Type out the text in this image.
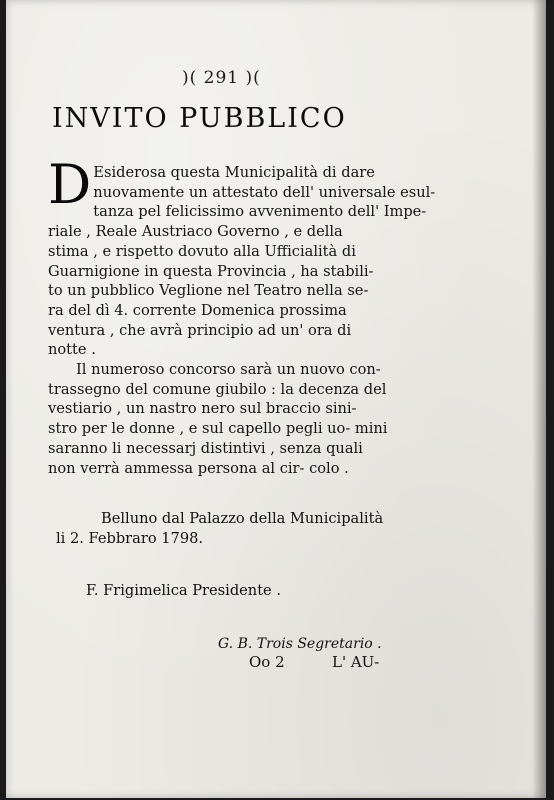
)( 291 )(
INVITO PUBBLICO

D Esiderosa questa Municipalità di dare
nuovamente un attestato dell' universale esul-
tanza pel felicissimo avvenimento dell' Impe-
riale , Reale Austriaco Governo , e della
stima , e rispetto dovuto alla Ufficialità di
Guarnigione in questa Provincia , ha stabili-
to un pubblico Veglione nel Teatro nella se-
ra del dì 4. corrente Domenica prossima
ventura , che avrà principio ad un' ora di
notte .

Il numeroso concorso sarà un nuovo con- trassegno del comune giubilo : la decenza del vestiario , un nastro nero sul braccio sini- stro per le donne , e sul capello pegli uo- mini saranno li necessarj distintivi , senza quali non verrà ammessa persona al cir- colo .

Belluno dal Palazzo della Municipalità
li 2. Febbraro 1798.
F. Frigimelica Presidente .
G. B. Trois Segretario .
Oo 2	L' AU-
